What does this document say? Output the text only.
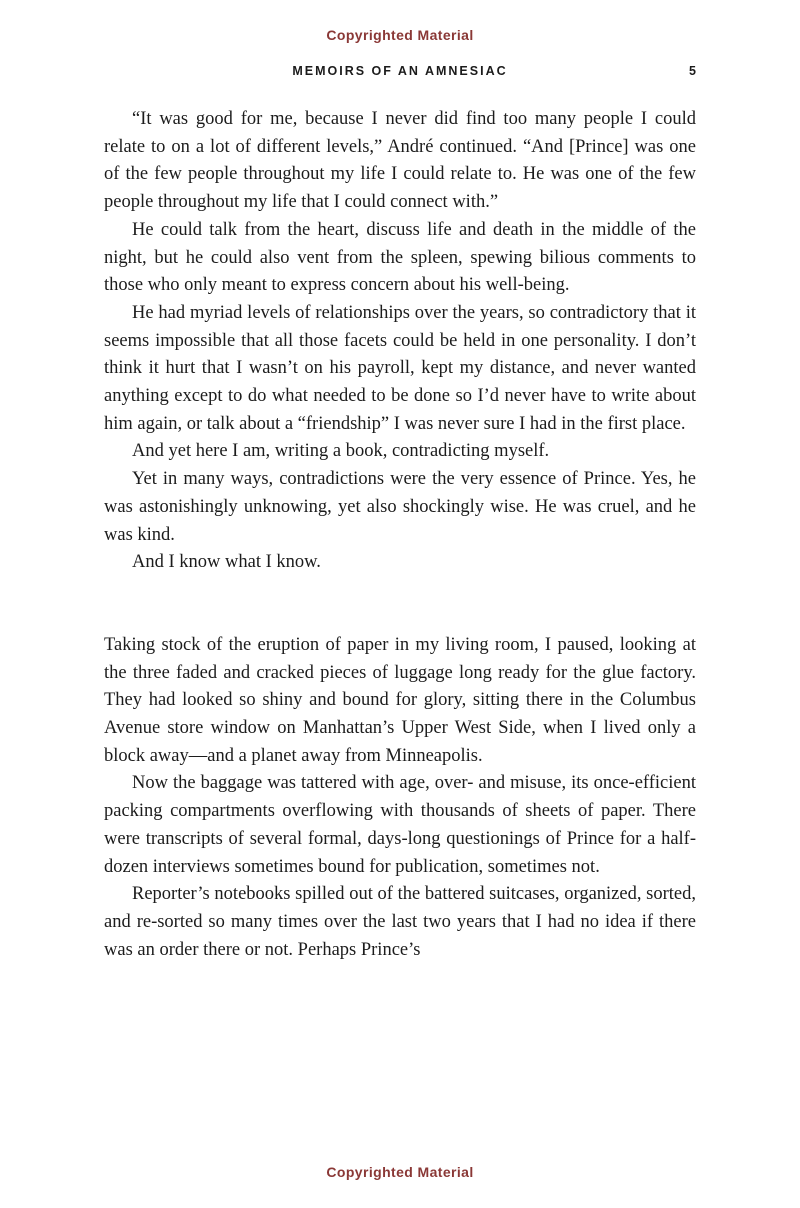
Copyrighted Material
MEMOIRS OF AN AMNESIAC	5

“It was good for me, because I never did find too many people I could relate to on a lot of different levels,” André continued. “And [Prince] was one of the few people throughout my life I could relate to. He was one of the few people throughout my life that I could connect with.”

He could talk from the heart, discuss life and death in the middle of the night, but he could also vent from the spleen, spewing bilious comments to those who only meant to express concern about his well-being.

He had myriad levels of relationships over the years, so contradictory that it seems impossible that all those facets could be held in one personality. I don’t think it hurt that I wasn’t on his payroll, kept my distance, and never wanted anything except to do what needed to be done so I’d never have to write about him again, or talk about a “friendship” I was never sure I had in the first place.

And yet here I am, writing a book, contradicting myself.

Yet in many ways, contradictions were the very essence of Prince. Yes, he was astonishingly unknowing, yet also shockingly wise. He was cruel, and he was kind.

And I know what I know.

Taking stock of the eruption of paper in my living room, I paused, looking at the three faded and cracked pieces of luggage long ready for the glue factory. They had looked so shiny and bound for glory, sitting there in the Columbus Avenue store window on Manhattan’s Upper West Side, when I lived only a block away—and a planet away from Minneapolis.

Now the baggage was tattered with age, over- and misuse, its once-efficient packing compartments overflowing with thousands of sheets of paper. There were transcripts of several formal, days-long questionings of Prince for a half-dozen interviews sometimes bound for publication, sometimes not.

Reporter’s notebooks spilled out of the battered suitcases, organized, sorted, and re-sorted so many times over the last two years that I had no idea if there was an order there or not. Perhaps Prince’s

Copyrighted Material
